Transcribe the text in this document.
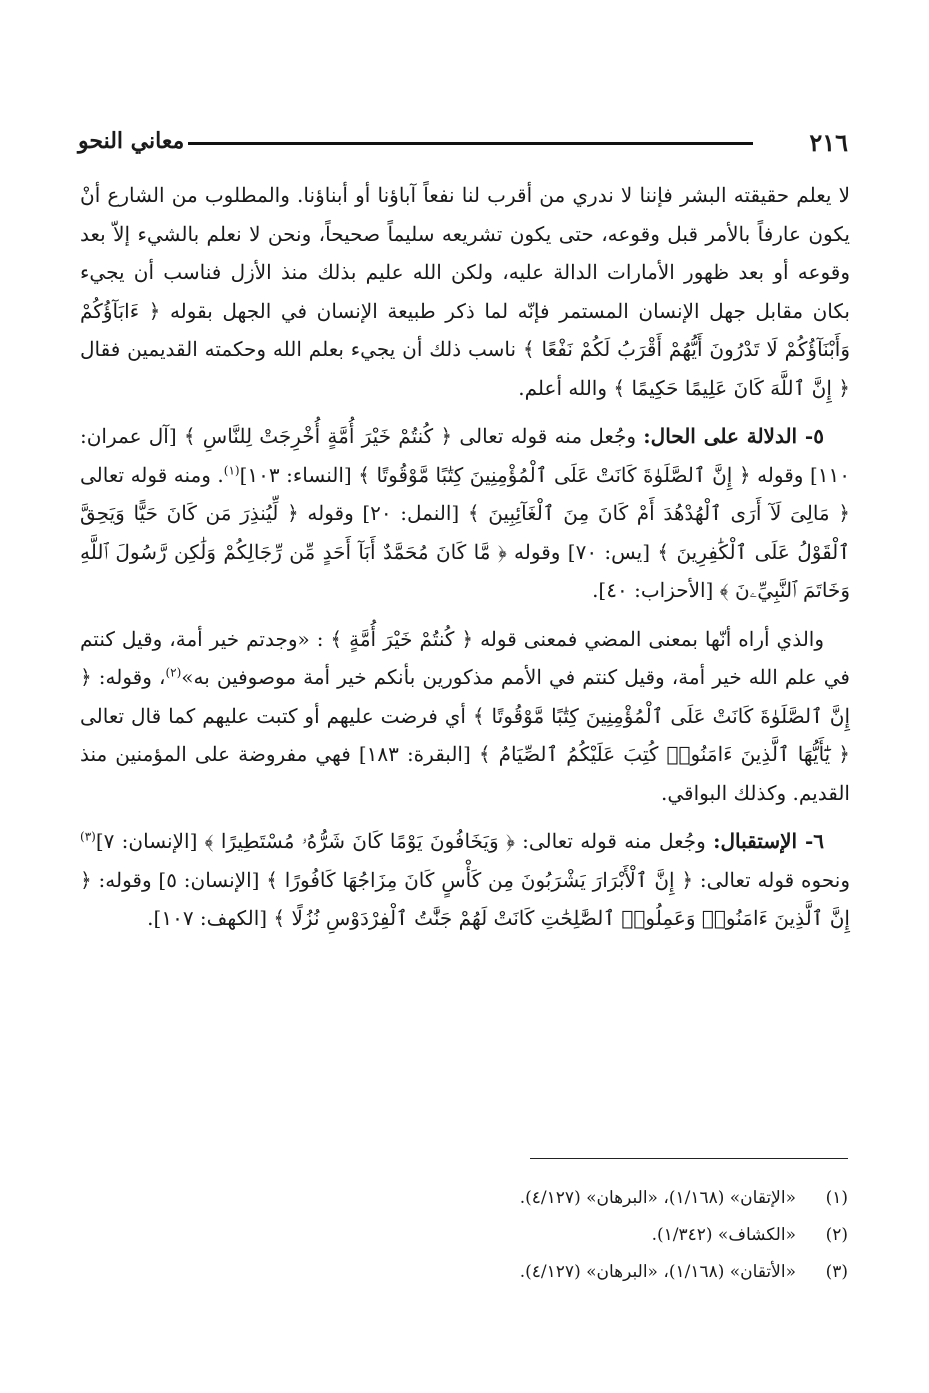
٢١٦
معاني النحو

لا يعلم حقيقته البشر فإننا لا ندري من أقرب لنا نفعاً آباؤنا أو أبناؤنا. والمطلوب من الشارع أنْ يكون عارفاً بالأمر قبل وقوعه، حتى يكون تشريعه سليماً صحيحاً، ونحن لا نعلم بالشيء إلاّ بعد وقوعه أو بعد ظهور الأمارات الدالة عليه، ولكن الله عليم بذلك منذ الأزل فناسب أن يجيء بكان مقابل جهل الإنسان المستمر فإنّه لما ذكر طبيعة الإنسان في الجهل بقوله ﴿ ءَابَآؤُكُمْ وَأَبْنَآؤُكُمْ لَا تَدْرُونَ أَيُّهُمْ أَقْرَبُ لَكُمْ نَفْعًا ﴾ ناسب ذلك أن يجيء بعلم الله وحكمته القديمين فقال ﴿ إِنَّ ٱللَّهَ كَانَ عَلِيمًا حَكِيمًا ﴾ والله أعلم.

٥- الدلالة على الحال: وجُعل منه قوله تعالى ﴿ كُنتُمْ خَيْرَ أُمَّةٍ أُخْرِجَتْ لِلنَّاسِ ﴾ [آل عمران: ١١٠] وقوله ﴿ إِنَّ ٱلصَّلَوٰةَ كَانَتْ عَلَى ٱلْمُؤْمِنِينَ كِتَٰبًا مَّوْقُوتًا ﴾ [النساء: ١٠٣]$^{(١)}$. ومنه قوله تعالى ﴿ مَالِىَ لَآ أَرَى ٱلْهُدْهُدَ أَمْ كَانَ مِنَ ٱلْغَآئِبِينَ ﴾ [النمل: ٢٠] وقوله ﴿ لِّيُنذِرَ مَن كَانَ حَيًّا وَيَحِقَّ ٱلْقَوْلُ عَلَى ٱلْكَٰفِرِينَ ﴾ [يس: ٧٠] وقوله ﴿ مَّا كَانَ مُحَمَّدٌ أَبَآ أَحَدٍ مِّن رِّجَالِكُمْ وَلَٰكِن رَّسُولَ ٱللَّهِ وَخَاتَمَ ٱلنَّبِيِّۦنَ ﴾ [الأحزاب: ٤٠].

والذي أراه أنّها بمعنى المضي فمعنى قوله ﴿ كُنتُمْ خَيْرَ أُمَّةٍ ﴾ : «وجدتم خير أمة، وقيل كنتم في علم الله خير أمة، وقيل كنتم في الأمم مذكورين بأنكم خير أمة موصوفين به»$^{(٢)}$، وقوله: ﴿ إِنَّ ٱلصَّلَوٰةَ كَانَتْ عَلَى ٱلْمُؤْمِنِينَ كِتَٰبًا مَّوْقُوتًا ﴾ أي فرضت عليهم أو كتبت عليهم كما قال تعالى ﴿ يَٰٓأَيُّهَا ٱلَّذِينَ ءَامَنُوا۟ كُتِبَ عَلَيْكُمُ ٱلصِّيَامُ ﴾ [البقرة: ١٨٣] فهي مفروضة على المؤمنين منذ القديم. وكذلك البواقي.

٦- الإستقبال: وجُعل منه قوله تعالى: ﴿ وَيَخَافُونَ يَوْمًا كَانَ شَرُّهُۥ مُسْتَطِيرًا ﴾ [الإنسان: ٧]$^{(٣)}$ ونحوه قوله تعالى: ﴿ إِنَّ ٱلْأَبْرَارَ يَشْرَبُونَ مِن كَأْسٍ كَانَ مِزَاجُهَا كَافُورًا ﴾ [الإنسان: ٥] وقوله: ﴿ إِنَّ ٱلَّذِينَ ءَامَنُوا۟ وَعَمِلُوا۟ ٱلصَّٰلِحَٰتِ كَانَتْ لَهُمْ جَنَّٰتُ ٱلْفِرْدَوْسِ نُزُلًا ﴾ [الكهف: ١٠٧].

(١)
«الإتقان» (١/١٦٨)، «البرهان» (٤/١٢٧).
(٢)
«الكشاف» (١/٣٤٢).
(٣)
«الأتقان» (١/١٦٨)، «البرهان» (٤/١٢٧).
